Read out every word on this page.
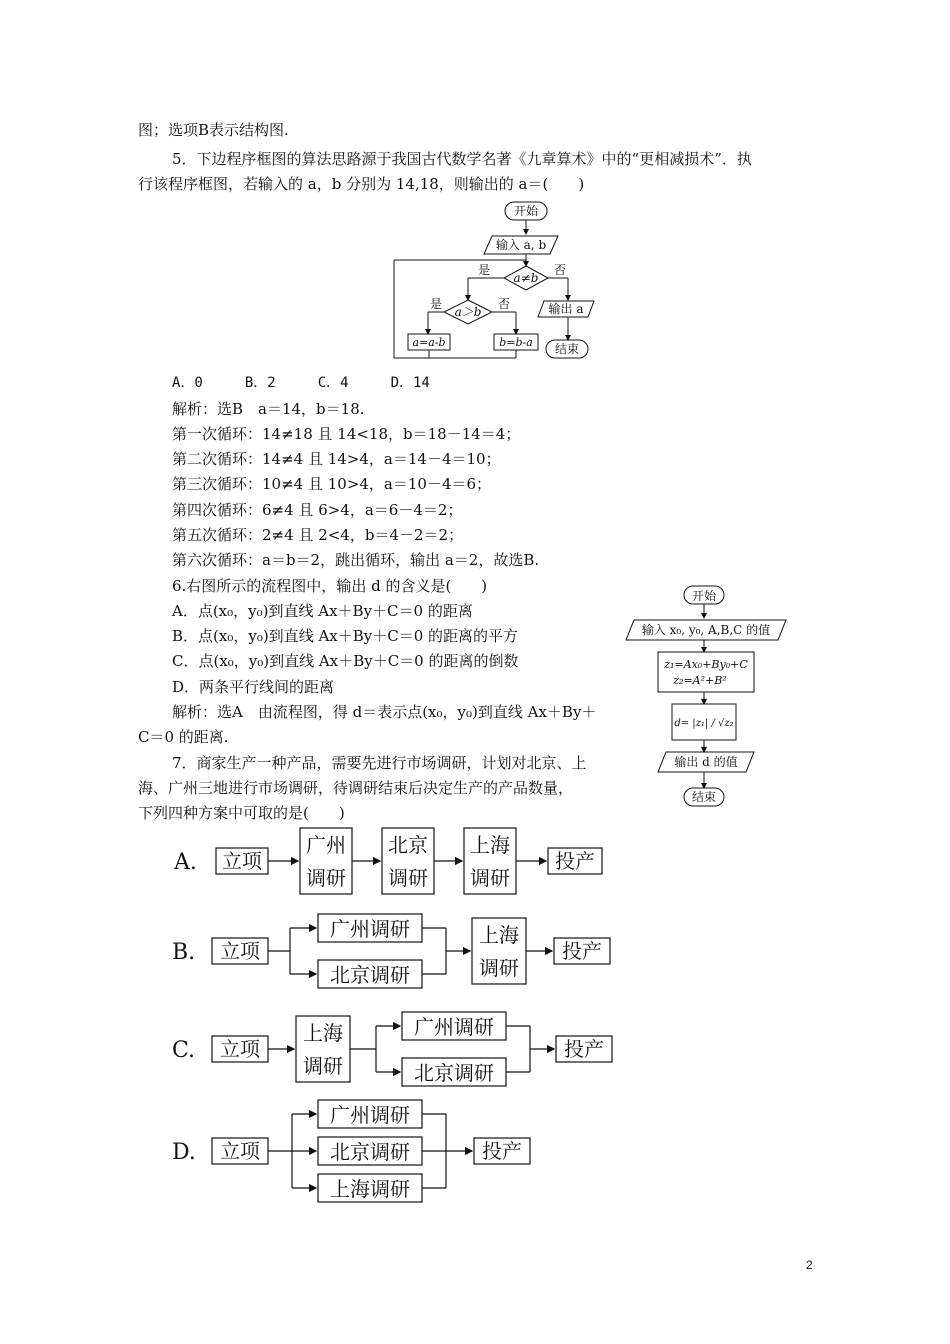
图；选项B表示结构图.
5．下边程序框图的算法思路源于我国古代数学名著《九章算术》中的“更相减损术”．执
行该程序框图，若输入的 a，b 分别为 14,18，则输出的 a＝(　　)
开始
输入 a, b
a≠b
是	否
a＞b
是	否
a=a-b	b=b-a
输出 a
结束
A．0　　　B．2　　　C．4　　　D．14
解析：选B　a＝14，b＝18.
第一次循环：14≠18 且 14<18，b＝18－14＝4；
第二次循环：14≠4 且 14>4，a＝14－4＝10；
第三次循环：10≠4 且 10>4，a＝10－4＝6；
第四次循环：6≠4 且 6>4，a＝6－4＝2；
第五次循环：2≠4 且 2<4，b＝4－2＝2；
第六次循环：a＝b＝2，跳出循环，输出 a＝2，故选B.
6.右图所示的流程图中，输出 d 的含义是(　　)
A．点(x₀，y₀)到直线 Ax＋By＋C＝0 的距离
B．点(x₀，y₀)到直线 Ax＋By＋C＝0 的距离的平方
C．点(x₀，y₀)到直线 Ax＋By＋C＝0 的距离的倒数
D．两条平行线间的距离
解析：选A　由流程图，得 d＝表示点(x₀，y₀)到直线 Ax＋By＋
C＝0 的距离.
开始
输入 x₀, y₀, A,B,C 的值
z₁=Ax₀+By₀+C
z₂=A²+B²
d= |z₁| / √z₂
输出 d 的值
结束
7．商家生产一种产品，需要先进行市场调研，计划对北京、上
海、广州三地进行市场调研，待调研结束后决定生产的产品数量，
下列四种方案中可取的是(　　)
A. 立项
广州
调研
北京
调研
上海
调研
投产
B. 立项
广州调研
北京调研
上海
调研
投产
C. 立项
上海
调研
广州调研
北京调研
投产
D. 立项
广州调研
北京调研
上海调研
投产
2
